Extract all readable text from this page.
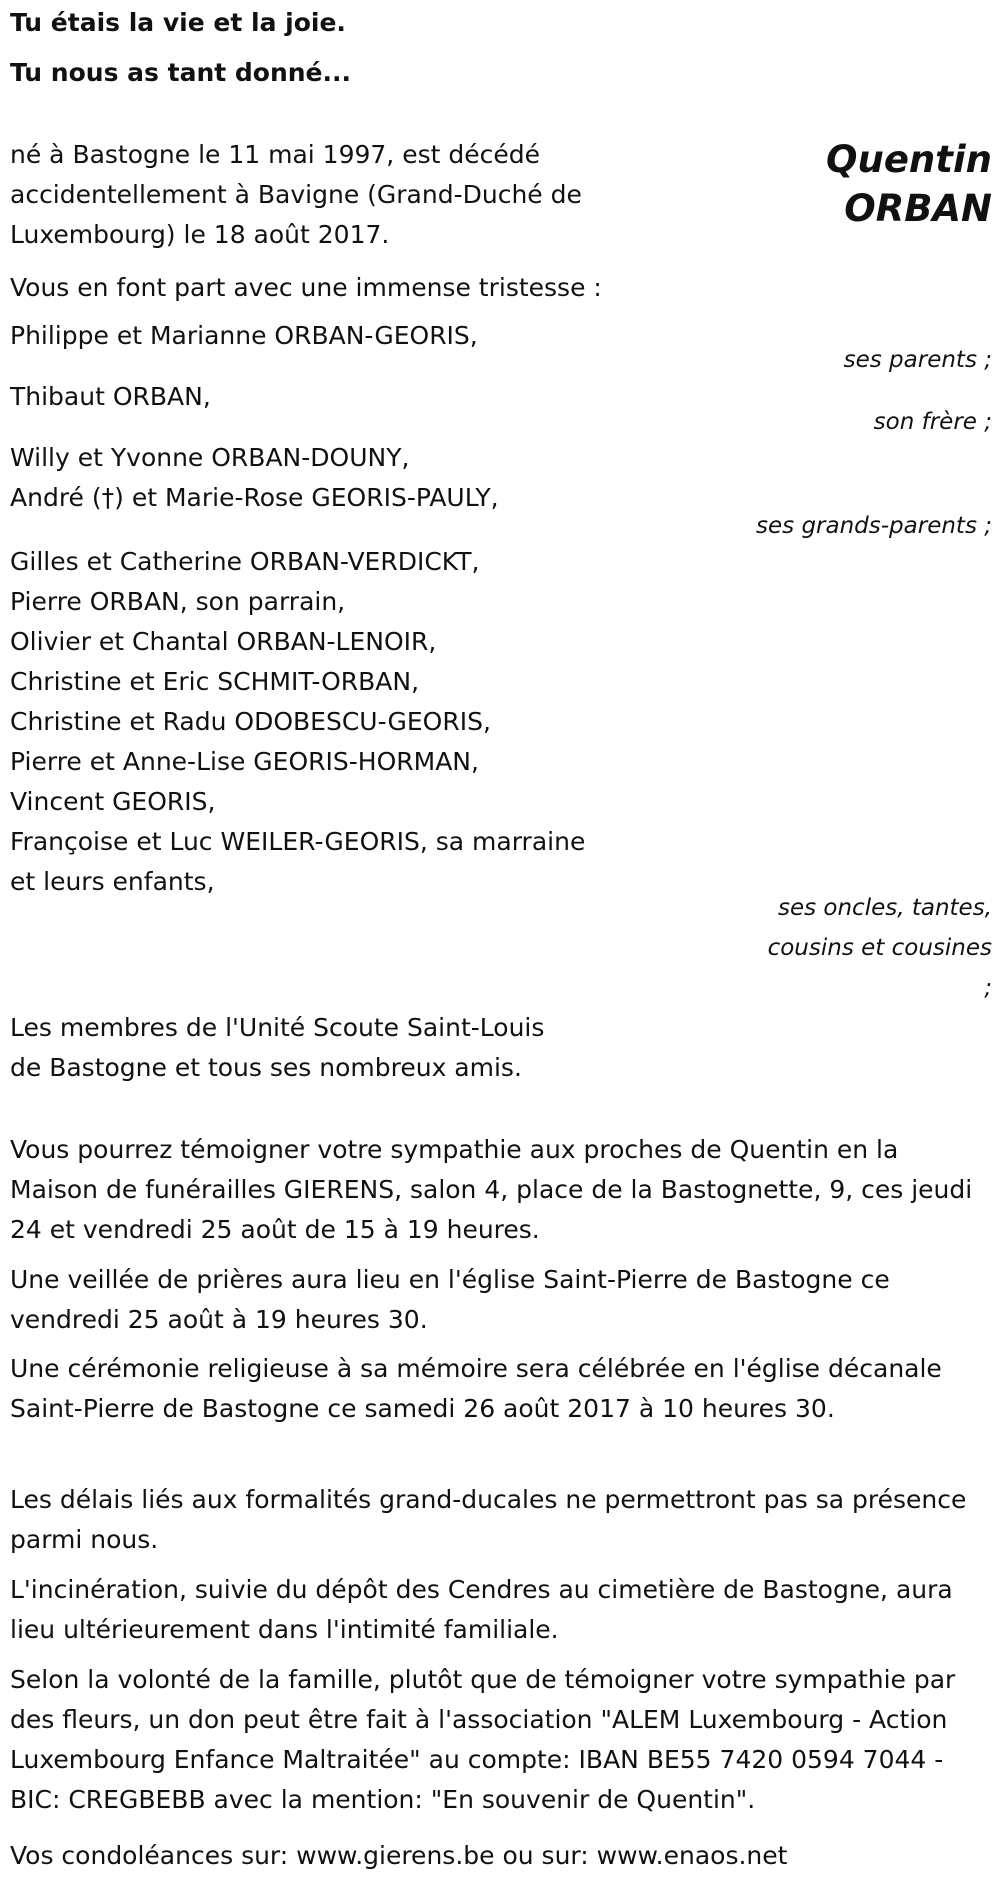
Tu étais la vie et la joie.
Tu nous as tant donné...
Quentin
ORBAN
né à Bastogne le 11 mai 1997, est décédé
accidentellement à Bavigne (Grand-Duché de
Luxembourg) le 18 août 2017.
Vous en font part avec une immense tristesse :
Philippe et Marianne ORBAN-GEORIS,
ses parents ;
Thibaut ORBAN,
son frère ;
Willy et Yvonne ORBAN-DOUNY,
André (†) et Marie-Rose GEORIS-PAULY,
ses grands-parents ;
Gilles et Catherine ORBAN-VERDICKT,
Pierre ORBAN, son parrain,
Olivier et Chantal ORBAN-LENOIR,
Christine et Eric SCHMIT-ORBAN,
Christine et Radu ODOBESCU-GEORIS,
Pierre et Anne-Lise GEORIS-HORMAN,
Vincent GEORIS,
Françoise et Luc WEILER-GEORIS, sa marraine
et leurs enfants,
ses oncles, tantes,
cousins et cousines
;
Les membres de l'Unité Scoute Saint-Louis
de Bastogne et tous ses nombreux amis.
Vous pourrez témoigner votre sympathie aux proches de Quentin en la Maison de funérailles GIERENS, salon 4, place de la Bastognette, 9, ces jeudi 24 et vendredi 25 août de 15 à 19 heures.
Une veillée de prières aura lieu en l'église Saint-Pierre de Bastogne ce vendredi 25 août à 19 heures 30.
Une cérémonie religieuse à sa mémoire sera célébrée en l'église décanale Saint-Pierre de Bastogne ce samedi 26 août 2017 à 10 heures 30.
Les délais liés aux formalités grand-ducales ne permettront pas sa présence parmi nous.
L'incinération, suivie du dépôt des Cendres au cimetière de Bastogne, aura lieu ultérieurement dans l'intimité familiale.
Selon la volonté de la famille, plutôt que de témoigner votre sympathie par des fleurs, un don peut être fait à l'association "ALEM Luxembourg - Action Luxembourg Enfance Maltraitée" au compte: IBAN BE55 7420 0594 7044 - BIC: CREGBEBB avec la mention: "En souvenir de Quentin".
Vos condoléances sur: www.gierens.be ou sur: www.enaos.net
